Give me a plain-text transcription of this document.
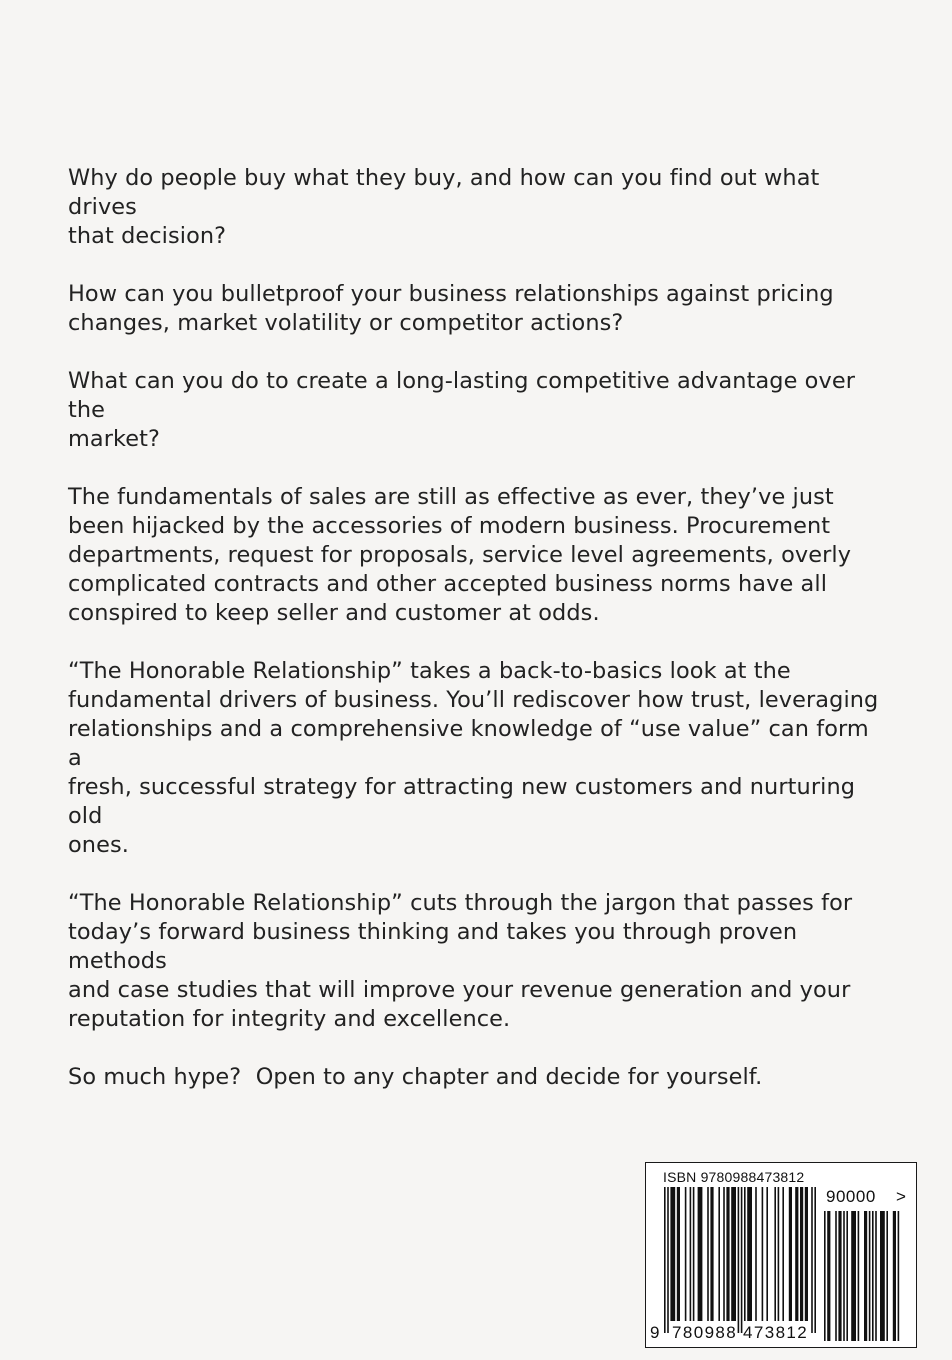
Why do people buy what they buy, and how can you find out what drives
that decision?

How can you bulletproof your business relationships against pricing
changes, market volatility or competitor actions?

What can you do to create a long-lasting competitive advantage over the
market?

The fundamentals of sales are still as effective as ever, they’ve just
been hijacked by the accessories of modern business. Procurement
departments, request for proposals, service level agreements, overly
complicated contracts and other accepted business norms have all
conspired to keep seller and customer at odds.

“The Honorable Relationship” takes a back-to-basics look at the
fundamental drivers of business. You’ll rediscover how trust, leveraging
relationships and a comprehensive knowledge of “use value” can form a
fresh, successful strategy for attracting new customers and nurturing old
ones.

“The Honorable Relationship” cuts through the jargon that passes for
today’s forward business thinking and takes you through proven methods
and case studies that will improve your revenue generation and your
reputation for integrity and excellence.

So much hype?  Open to any chapter and decide for yourself.

ISBN 9780988473812
90000 >
9 780988 473812
